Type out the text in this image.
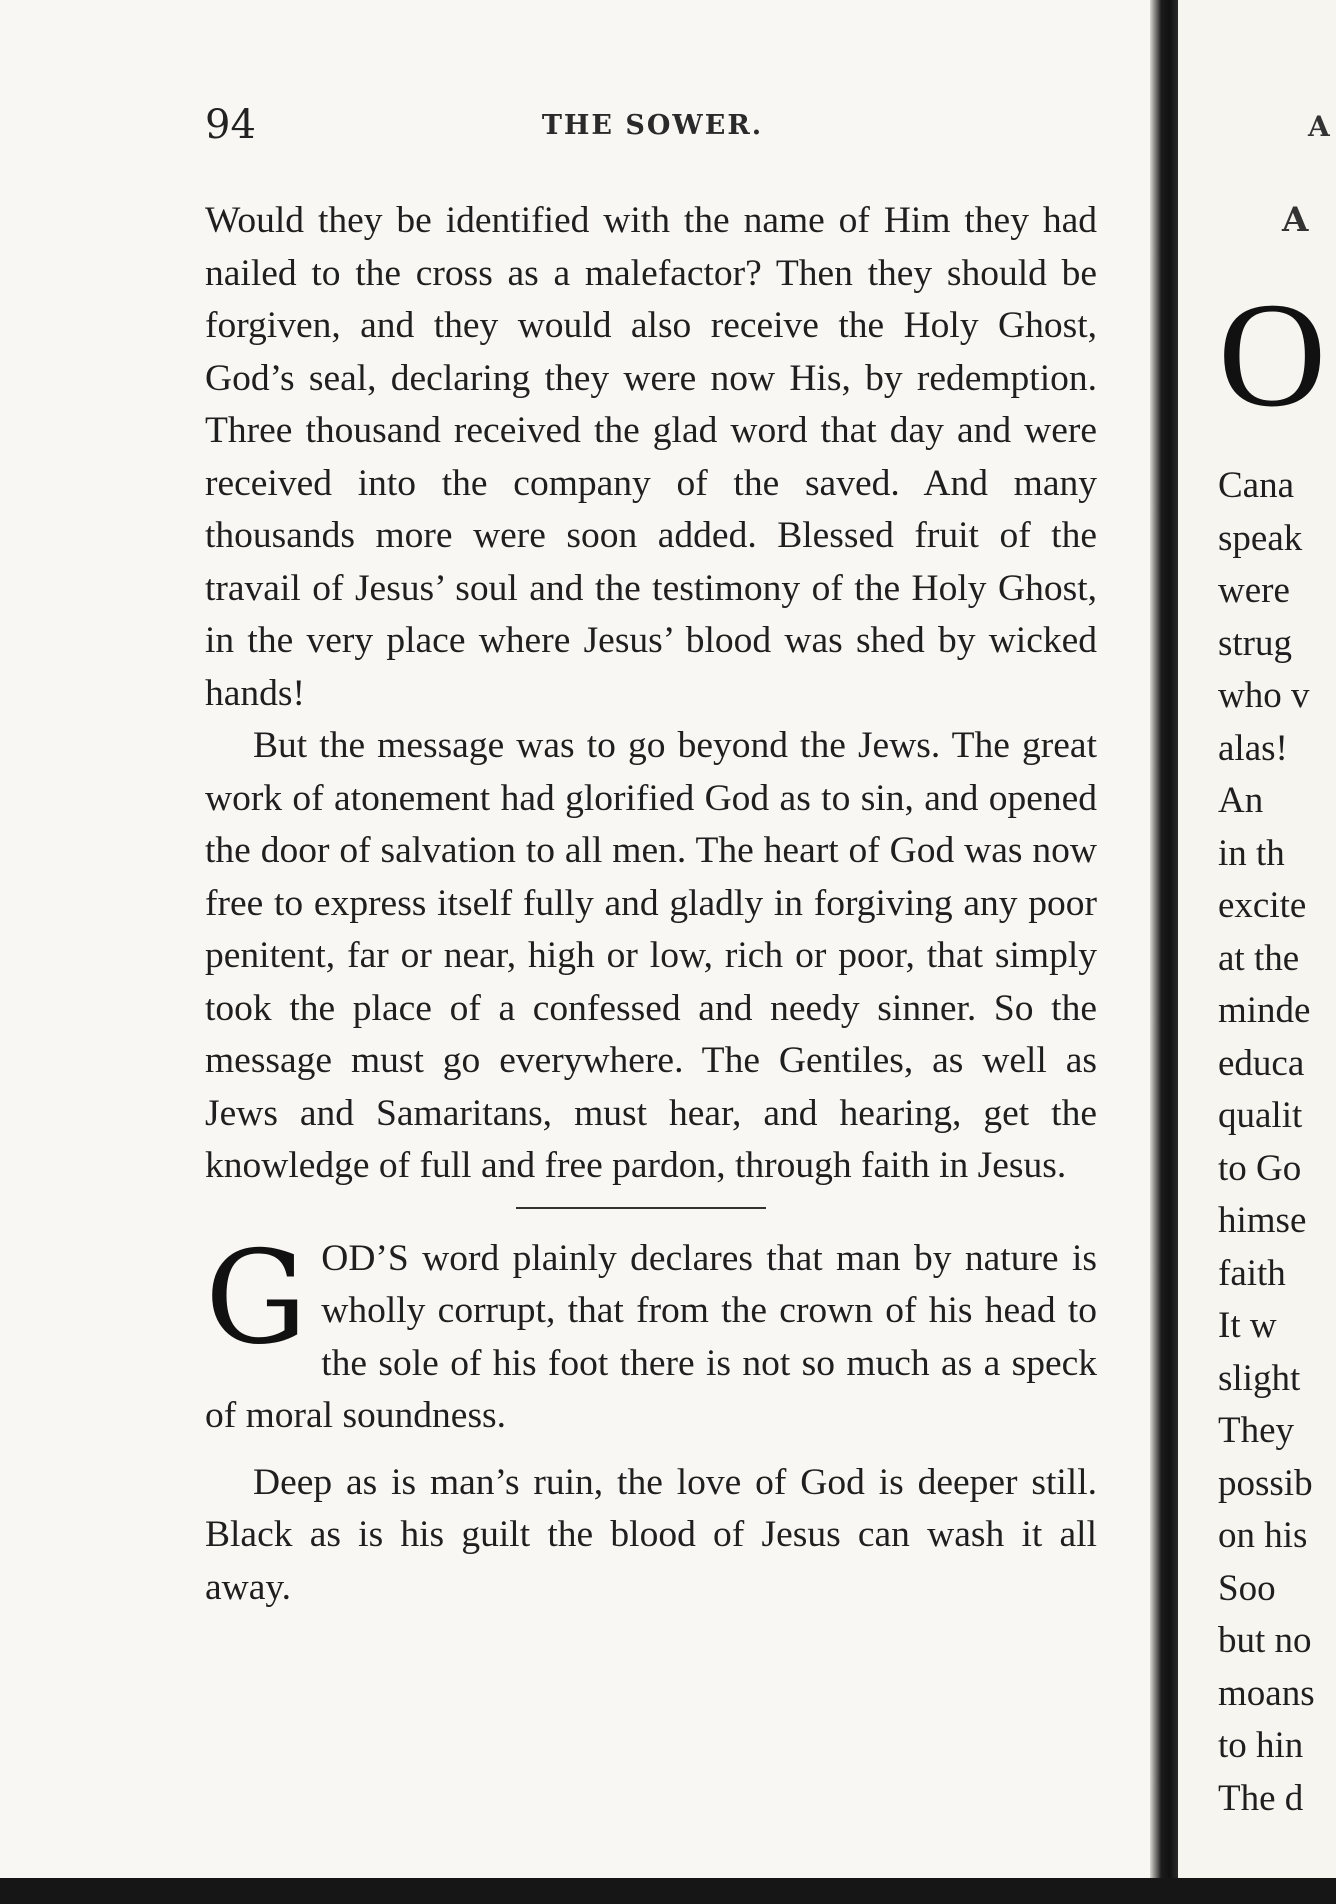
94	THE SOWER.

Would they be identified with the name of Him they had nailed to the cross as a malefactor? Then they should be forgiven, and they would also receive the Holy Ghost, God’s seal, declaring they were now His, by redemption. Three thousand received the glad word that day and were received into the company of the saved. And many thousands more were soon added. Blessed fruit of the travail of Jesus’ soul and the testimony of the Holy Ghost, in the very place where Jesus’ blood was shed by wicked hands!

But the message was to go beyond the Jews. The great work of atonement had glorified God as to sin, and opened the door of salvation to all men. The heart of God was now free to express itself fully and gladly in forgiving any poor penitent, far or near, high or low, rich or poor, that simply took the place of a confessed and needy sinner. So the message must go everywhere. The Gentiles, as well as Jews and Samaritans, must hear, and hearing, get the knowledge of full and free pardon, through faith in Jesus.

GOD’S word plainly declares that man by nature is wholly corrupt, that from the crown of his head to the sole of his foot there is not so much as a speck of moral soundness.

Deep as is man’s ruin, the love of God is deeper still. Black as is his guilt the blood of Jesus can wash it all away.

A
A
O
Cana
speak
were
strug
who v
alas!
An
in th
excite
at the
minde
educa
qualit
to Go
himse
faith
It w
slight
They
possib
on his
Soo
but no
moans
to hin
The d
